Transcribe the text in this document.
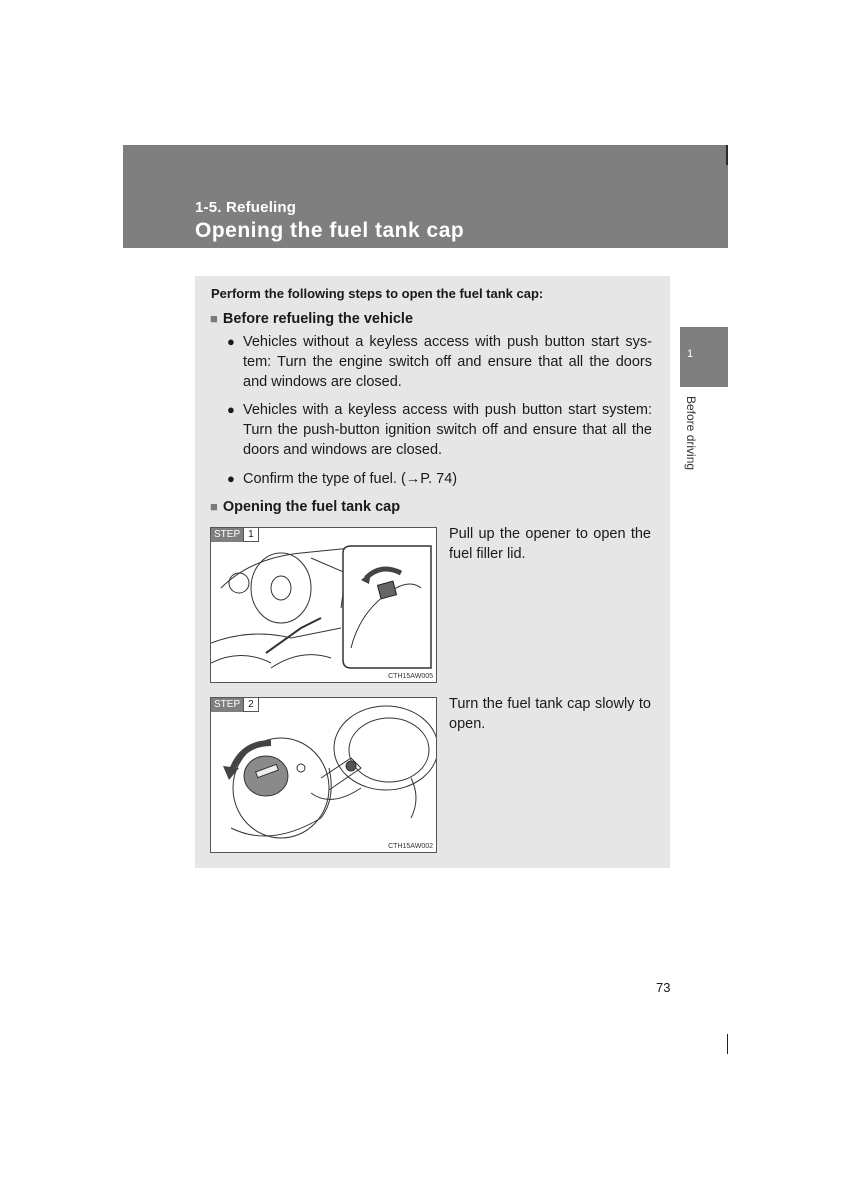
1-5. Refueling
Opening the fuel tank cap
1
Before driving
Perform the following steps to open the fuel tank cap:
■ Before refueling the vehicle
● Vehicles without a keyless access with push button start sys-tem: Turn the engine switch off and ensure that all the doors and windows are closed.
● Vehicles with a keyless access with push button start system: Turn the push-button ignition switch off and ensure that all the doors and windows are closed.
● Confirm the type of fuel. (→P. 74)
■ Opening the fuel tank cap
STEP 1
CTH15AW005
Pull up the opener to open the fuel filler lid.
STEP 2
CTH15AW002
Turn the fuel tank cap slowly to open.
73
